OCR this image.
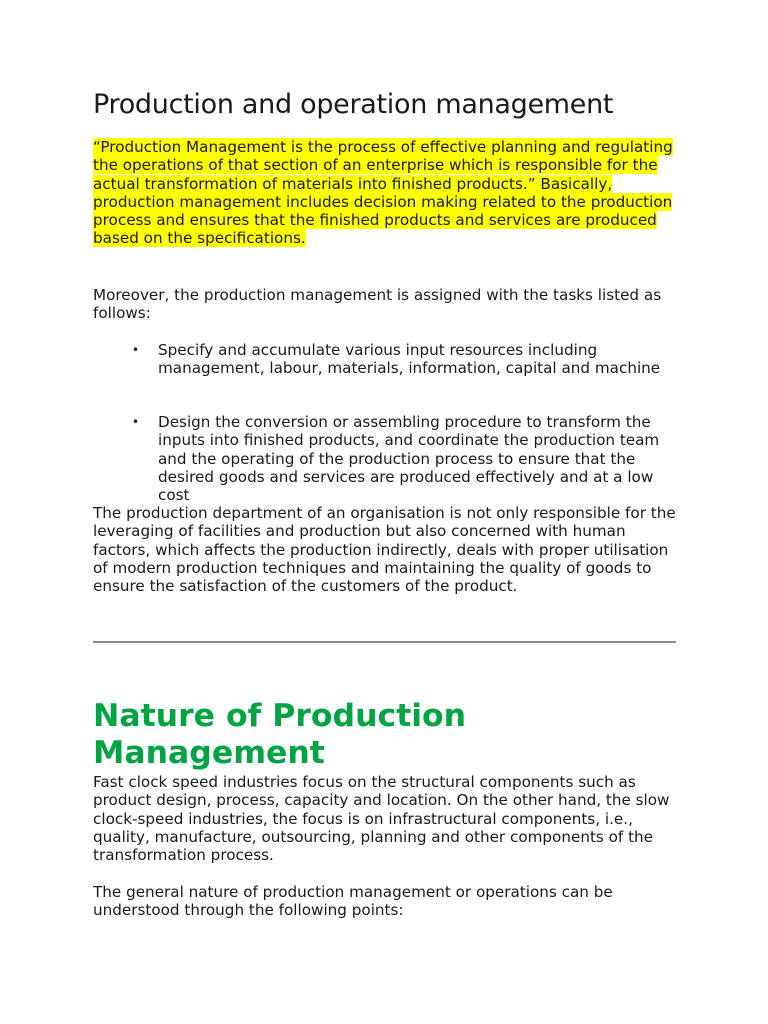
Production and operation management

“Production Management is the process of effective planning and regulating the operations of that section of an enterprise which is responsible for the actual transformation of materials into finished products.” Basically, production management includes decision making related to the production process and ensures that the finished products and services are produced based on the specifications.

Moreover, the production management is assigned with the tasks listed as follows:

• Specify and accumulate various input resources including management, labour, materials, information, capital and machine
• Design the conversion or assembling procedure to transform the inputs into finished products, and coordinate the production team and the operating of the production process to ensure that the desired goods and services are produced effectively and at a low cost

The production department of an organisation is not only responsible for the leveraging of facilities and production but also concerned with human factors, which affects the production indirectly, deals with proper utilisation of modern production techniques and maintaining the quality of goods to ensure the satisfaction of the customers of the product.

Nature of Production Management

Fast clock speed industries focus on the structural components such as product design, process, capacity and location. On the other hand, the slow clock-speed industries, the focus is on infrastructural components, i.e., quality, manufacture, outsourcing, planning and other components of the transformation process.

The general nature of production management or operations can be understood through the following points:
